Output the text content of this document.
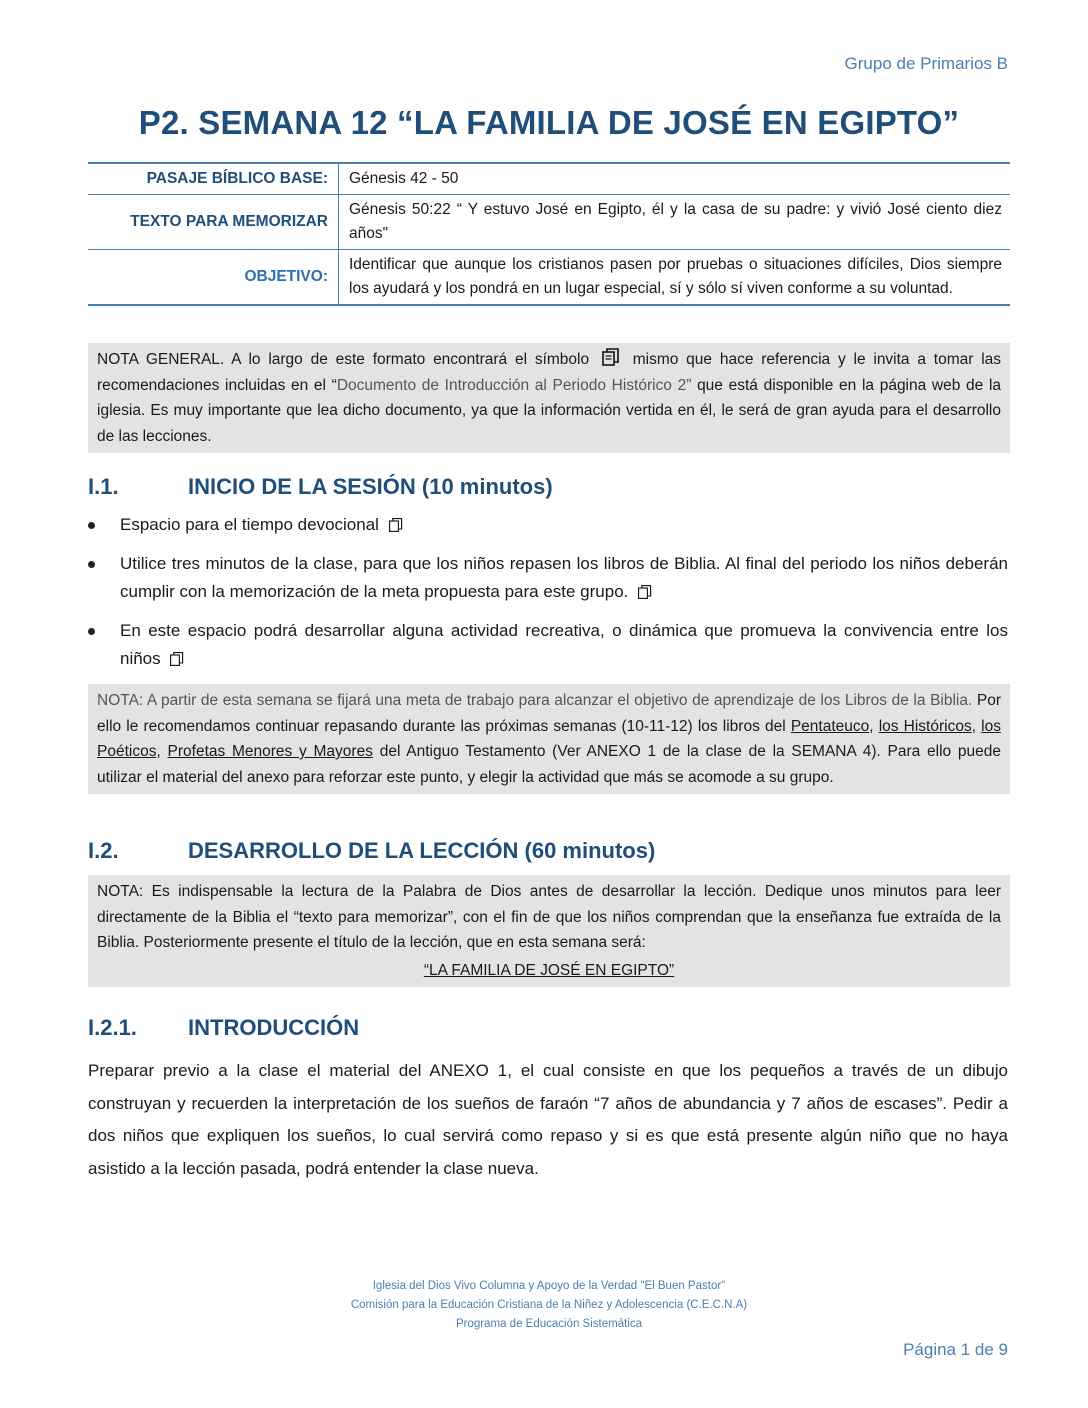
Grupo de Primarios B
P2. SEMANA 12 “LA FAMILIA DE JOSÉ EN EGIPTO”
PASAJE BÍBLICO BASE:	Génesis 42 - 50
TEXTO PARA MEMORIZAR	Génesis 50:22 “ Y estuvo José en Egipto, él y la casa de su padre: y vivió José ciento diez años"
OBJETIVO:	Identificar que aunque los cristianos pasen por pruebas o situaciones difíciles, Dios siempre los ayudará y los pondrá en un lugar especial, sí y sólo sí viven conforme a su voluntad.
NOTA GENERAL. A lo largo de este formato encontrará el símbolo	mismo que hace referencia y le invita a tomar las recomendaciones incluidas en el “Documento de Introducción al Periodo Histórico 2” que está disponible en la página web de la iglesia. Es muy importante que lea dicho documento, ya que la información vertida en él, le será de gran ayuda para el desarrollo de las lecciones.
I.1.	INICIO DE LA SESIÓN (10 minutos)
Espacio para el tiempo devocional
Utilice tres minutos de la clase, para que los niños repasen los libros de Biblia. Al final del periodo los niños deberán cumplir con la memorización de la meta propuesta para este grupo.
En este espacio podrá desarrollar alguna actividad recreativa, o dinámica que promueva la convivencia entre los niños
NOTA: A partir de esta semana se fijará una meta de trabajo para alcanzar el objetivo de aprendizaje de los Libros de la Biblia. Por ello le recomendamos continuar repasando durante las próximas semanas (10-11-12) los libros del Pentateuco, los Históricos, los Poéticos, Profetas Menores y Mayores del Antiguo Testamento (Ver ANEXO 1 de la clase de la SEMANA 4). Para ello puede utilizar el material del anexo para reforzar este punto, y elegir la actividad que más se acomode a su grupo.
I.2.	DESARROLLO DE LA LECCIÓN (60 minutos)
NOTA: Es indispensable la lectura de la Palabra de Dios antes de desarrollar la lección. Dedique unos minutos para leer directamente de la Biblia el “texto para memorizar”, con el fin de que los niños comprendan que la enseñanza fue extraída de la Biblia. Posteriormente presente el título de la lección, que en esta semana será:
“LA FAMILIA DE JOSÉ EN EGIPTO”
I.2.1. INTRODUCCIÓN
Preparar previo a la clase el material del ANEXO 1, el cual consiste en que los pequeños a través de un dibujo construyan y recuerden la interpretación de los sueños de faraón “7 años de abundancia y 7 años de escases”. Pedir a dos niños que expliquen los sueños, lo cual servirá como repaso y si es que está presente algún niño que no haya asistido a la lección pasada, podrá entender la clase nueva.
Iglesia del Dios Vivo Columna y Apoyo de la Verdad "El Buen Pastor"
Comisión para la Educación Cristiana de la Niñez y Adolescencia (C.E.C.N.A)
Programa de Educación Sistemática
Página 1 de 9
